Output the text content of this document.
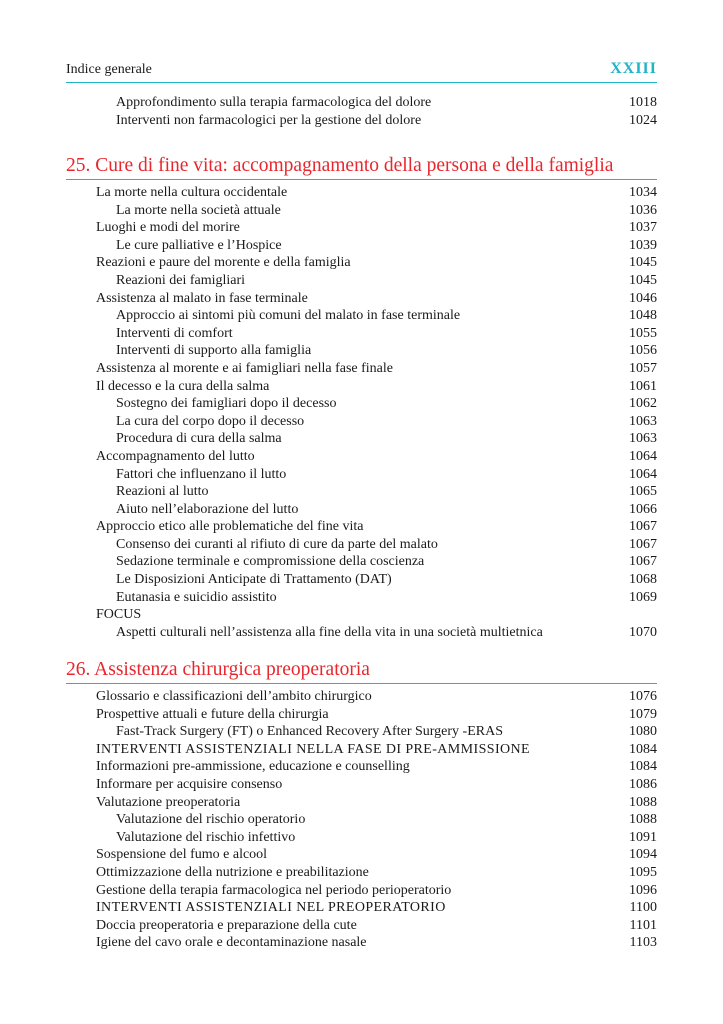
Indice generale	XXIII
Approfondimento sulla terapia farmacologica del dolore	1018
Interventi non farmacologici per la gestione del dolore	1024
25. Cure di fine vita: accompagnamento della persona e della famiglia
La morte nella cultura occidentale	1034
La morte nella società attuale	1036
Luoghi e modi del morire	1037
Le cure palliative e l’Hospice	1039
Reazioni e paure del morente e della famiglia	1045
Reazioni dei famigliari	1045
Assistenza al malato in fase terminale	1046
Approccio ai sintomi più comuni del malato in fase terminale	1048
Interventi di comfort	1055
Interventi di supporto alla famiglia	1056
Assistenza al morente e ai famigliari nella fase finale	1057
Il decesso e la cura della salma	1061
Sostegno dei famigliari dopo il decesso	1062
La cura del corpo dopo il decesso	1063
Procedura di cura della salma	1063
Accompagnamento del lutto	1064
Fattori che influenzano il lutto	1064
Reazioni al lutto	1065
Aiuto nell’elaborazione del lutto	1066
Approccio etico alle problematiche del fine vita	1067
Consenso dei curanti al rifiuto di cure da parte del malato	1067
Sedazione terminale e compromissione della coscienza	1067
Le Disposizioni Anticipate di Trattamento (DAT)	1068
Eutanasia e suicidio assistito	1069
FOCUS
Aspetti culturali nell’assistenza alla fine della vita in una società multietnica	1070
26. Assistenza chirurgica preoperatoria
Glossario e classificazioni dell’ambito chirurgico	1076
Prospettive attuali e future della chirurgia	1079
Fast-Track Surgery (FT) o Enhanced Recovery After Surgery -ERAS	1080
INTERVENTI ASSISTENZIALI NELLA FASE DI PRE-AMMISSIONE	1084
Informazioni pre-ammissione, educazione e counselling	1084
Informare per acquisire consenso	1086
Valutazione preoperatoria	1088
Valutazione del rischio operatorio	1088
Valutazione del rischio infettivo	1091
Sospensione del fumo e alcool	1094
Ottimizzazione della nutrizione e preabilitazione	1095
Gestione della terapia farmacologica nel periodo perioperatorio	1096
INTERVENTI ASSISTENZIALI NEL PREOPERATORIO	1100
Doccia preoperatoria e preparazione della cute	1101
Igiene del cavo orale e decontaminazione nasale	1103
